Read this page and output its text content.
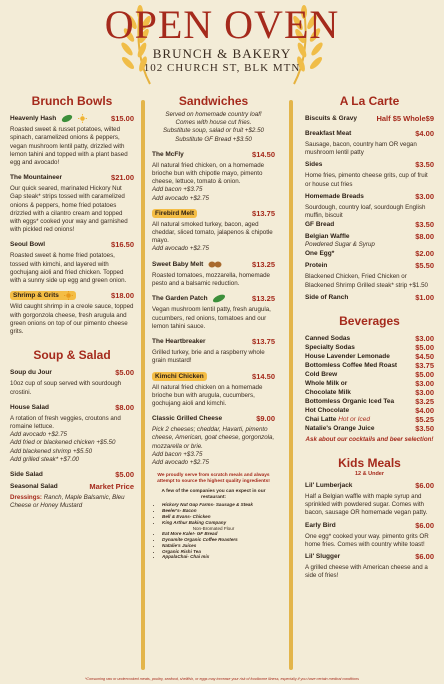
OPEN OVEN
BRUNCH & BAKERY
102 CHURCH ST, BLK MTN
Brunch Bowls
Heavenly Hash	$15.00
Roasted sweet & russet potatoes, wilted spinach, caramelized onions & peppers, vegan mushroom lentil patty, drizzled with lemon tahini and topped with a plant based egg and avocado!
The Mountaineer	$21.00
Our quick seared, marinated Hickory Nut Gap steak* strips tossed with caramelized onions & peppers, home fried potatoes drizzled with a cilantro cream and topped with eggs* cooked your way and garnished with pickled red onions!
Seoul Bowl	$16.50
Roasted sweet & home fried potatoes, tossed with kimchi, and layered with gochujang aioli and fried chicken. Topped with a sunny side up egg and green onion.
Shrimp & Grits	$18.00
Wild caught shrimp in a creole sauce, topped with gorgonzola cheese, fresh arugula and green onions on top of our pimento cheese grits.
Soup & Salad
Soup du Jour	$5.00
10oz cup of soup served with sourdough crostini.
House Salad	$8.00
A rotation of fresh veggies, croutons and romaine lettuce.
Add avocado +$2.75
Add fried or blackened chicken +$5.50
Add blackened shrimp +$5.50
Add grilled steak* +$7.00
Side Salad	$5.00
Seasonal Salad	Market Price
Dressings: Ranch, Maple Balsamic, Bleu Cheese or Honey Mustard
Sandwiches
Served on homemade country loaf!
Comes with house cut fries.
Substitute soup, salad or fruit +$2.50
Substitute GF Bread +$3.50
The McFly	$14.50
All natural fried chicken, on a homemade brioche bun with chipotle mayo, pimento cheese, lettuce, tomato & onion.
Add bacon +$3.75
Add avocado +$2.75
Firebird Melt	$13.75
All natural smoked turkey, bacon, aged cheddar, sliced tomato, jalapenos & chipotle mayo.
Add avocado +$2.75
Sweet Baby Melt	$13.25
Roasted tomatoes, mozzarella, homemade pesto and a balsamic reduction.
The Garden Patch	$13.25
Vegan mushroom lentil patty, fresh arugula, cucumbers, red onions, tomatoes and our lemon tahini sauce.
The Heartbreaker	$13.75
Grilled turkey, brie and a raspberry whole grain mustard!
Kimchi Chicken	$14.50
All natural fried chicken on a homemade brioche bun with arugula, cucumbers, gochujang aioli and kimchi.
Classic Grilled Cheese	$9.00
Pick 2 cheeses; cheddar, Havarti, pimento cheese, American, goat cheese, gorgonzola, mozzarella or brie.
Add bacon +$3.75
Add avocado +$2.75
We proudly serve from scratch meals and always attempt to source the highest quality ingredients!
A few of the companies you can expect in our restaurant:
• Hickory Nut Gap Farms- Sausage & Steak
• Beeler's- Bacon
• Bell & Evans- Chicken
• King Arthur Baking Company
Non-Bromated Flour
• Eat More Kale!- GF Bread
• Dynamite Organic Coffee Roasters
• Natalie's Juices
• Organic Rishi Tea
• AppalaChai- Chai mix
A La Carte
Biscuits & Gravy	Half $5 Whole$9
Breakfast Meat	$4.00
Sausage, bacon, country ham OR vegan mushroom lentil patty
Sides	$3.50
Home fries, pimento cheese grits, cup of fruit or house cut fries
Homemade Breads	$3.00
Sourdough, country loaf, sourdough English muffin, biscuit
GF Bread	$3.50
Belgian Waffle	$8.00
Powdered Sugar & Syrup
One Egg*	$2.00
Protein	$5.50
Blackened Chicken, Fried Chicken or Blackened Shrimp Grilled steak* strip +$1.50
Side of Ranch	$1.00
Beverages
Canned Sodas	$3.00
Specialty Sodas	$5.00
House Lavender Lemonade	$4.50
Bottomless Coffee Med Roast $3.75
Cold Brew	$5.00
Whole Milk or	$3.00
Chocolate Milk	$3.00
Bottomless Organic Iced Tea	$3.25
Hot Chocolate	$4.00
Chai Latte Hot or Iced	$5.25
Natalie's Orange Juice	$3.50
Ask about our cocktails and beer selection!
Kids Meals
12 & Under
Lil' Lumberjack	$6.00
Half a Belgian waffle with maple syrup and sprinkled with powdered sugar. Comes with bacon, sausage OR homemade vegan patty.
Early Bird	$6.00
One egg* cooked your way. pimento grits OR home fries. Comes with country white toast!
Lil' Slugger	$6.00
A grilled cheese with American cheese and a side of fries!
*Consuming raw or undercooked meats, poultry, seafood, shellfish, or eggs may increase your risk of foodborne illness, especially if you have certain medical conditions
